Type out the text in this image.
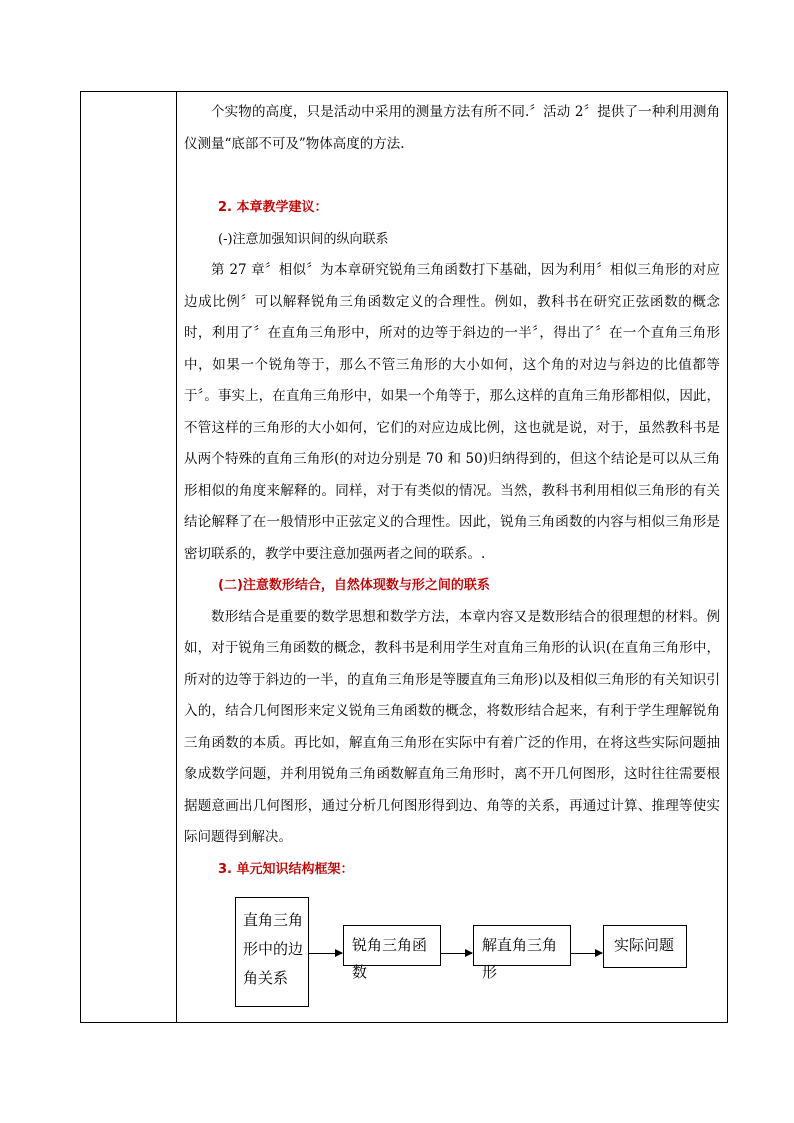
个实物的高度，只是活动中采用的测量方法有所不同.〞活动 2〞提供了一种利用测角仪测量“底部不可及”物体高度的方法.

2. 本章教学建议：

(-)注意加强知识间的纵向联系

第 27 章〞相似〞为本章研究锐角三角函数打下基础，因为利用〞相似三角形的对应边成比例〞可以解释锐角三角函数定义的合理性。例如，教科书在研究正弦函数的概念时，利用了〞在直角三角形中，所对的边等于斜边的一半〞，得出了〞在一个直角三角形中，如果一个锐角等于，那么不管三角形的大小如何，这个角的对边与斜边的比值都等于〞。事实上，在直角三角形中，如果一个角等于，那么这样的直角三角形都相似，因此，不管这样的三角形的大小如何，它们的对应边成比例，这也就是说，对于，虽然教科书是从两个特殊的直角三角形(的对边分别是 70 和 50)归纳得到的，但这个结论是可以从三角形相似的角度来解释的。同样，对于有类似的情况。当然，教科书利用相似三角形的有关结论解释了在一般情形中正弦定义的合理性。因此，锐角三角函数的内容与相似三角形是密切联系的，教学中要注意加强两者之间的联系。.

(二)注意数形结合，自然体现数与形之间的联系

数形结合是重要的数学思想和数学方法，本章内容又是数形结合的很理想的材料。例如，对于锐角三角函数的概念，教科书是利用学生对直角三角形的认识(在直角三角形中，所对的边等于斜边的一半，的直角三角形是等腰直角三角形)以及相似三角形的有关知识引入的，结合几何图形来定义锐角三角函数的概念，将数形结合起来，有利于学生理解锐角三角函数的本质。再比如，解直角三角形在实际中有着广泛的作用，在将这些实际问题抽象成数学问题，并利用锐角三角函数解直角三角形时，离不开几何图形，这时往往需要根据题意画出几何图形，通过分析几何图形得到边、角等的关系，再通过计算、推理等使实际问题得到解决。

3. 单元知识结构框架：

直角三角
形中的边
角关系
锐角三角函数
解直角三角形
实际问题
